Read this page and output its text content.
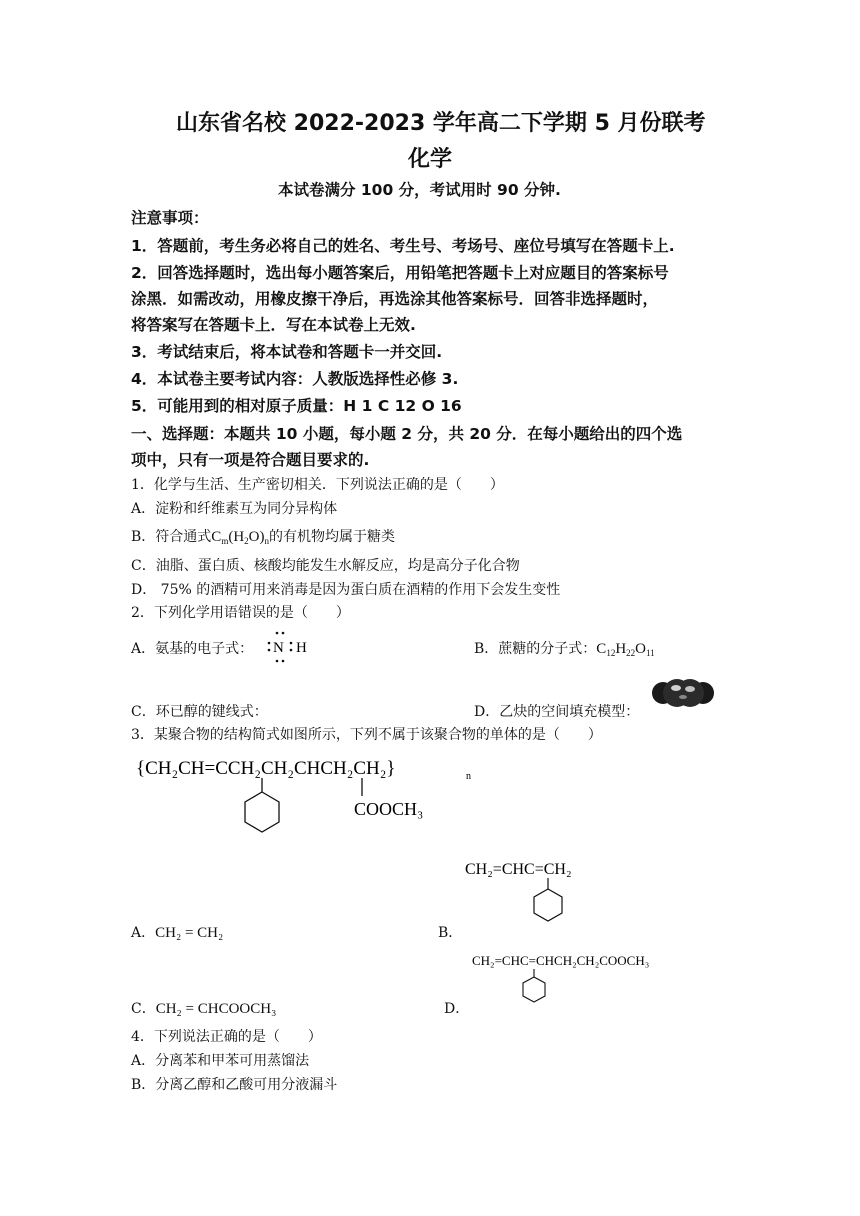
山东省名校 2022-2023 学年高二下学期 5 月份联考
化学
本试卷满分 100 分，考试用时 90 分钟.
注意事项：
1．答题前，考生务必将自己的姓名、考生号、考场号、座位号填写在答题卡上.
2．回答选择题时，选出每小题答案后，用铅笔把答题卡上对应题目的答案标号
涂黑．如需改动，用橡皮擦干净后，再选涂其他答案标号．回答非选择题时，
将答案写在答题卡上．写在本试卷上无效.
3．考试结束后，将本试卷和答题卡一并交回.
4．本试卷主要考试内容：人教版选择性必修 3.
5．可能用到的相对原子质量：H 1 C 12 O 16
一、选择题：本题共 10 小题，每小题 2 分，共 20 分．在每小题给出的四个选
项中，只有一项是符合题目要求的.
1．化学与生活、生产密切相关．下列说法正确的是（　　）
A．淀粉和纤维素互为同分异构体
B．符合通式$C_m(H_2O)_n$的有机物均属于糖类
C．油脂、蛋白质、核酸均能发生水解反应，均是高分子化合物
D． 75% 的酒精可用来消毒是因为蛋白质在酒精的作用下会发生变性
2．下列化学用语错误的是（　　）
A．氨基的电子式： N H	B．蔗糖的分子式：$C_{12}H_{22}O_{11}$
C．环已醇的键线式：	D．乙炔的空间填充模型：
3．某聚合物的结构简式如图所示，下列不属于该聚合物的单体的是（　　）
{CH₂CH=CCH₂CH₂CHCH₂CH₂}	n
COOCH₃
CH₂=CHC=CH₂
A．CH₂ = CH₂	B．
CH₂=CHC=CHCH₂CH₂COOCH₃
C．CH₂ = CHCOOCH₃	D．
4．下列说法正确的是（　　）
A．分离苯和甲苯可用蒸馏法
B．分离乙醇和乙酸可用分液漏斗
